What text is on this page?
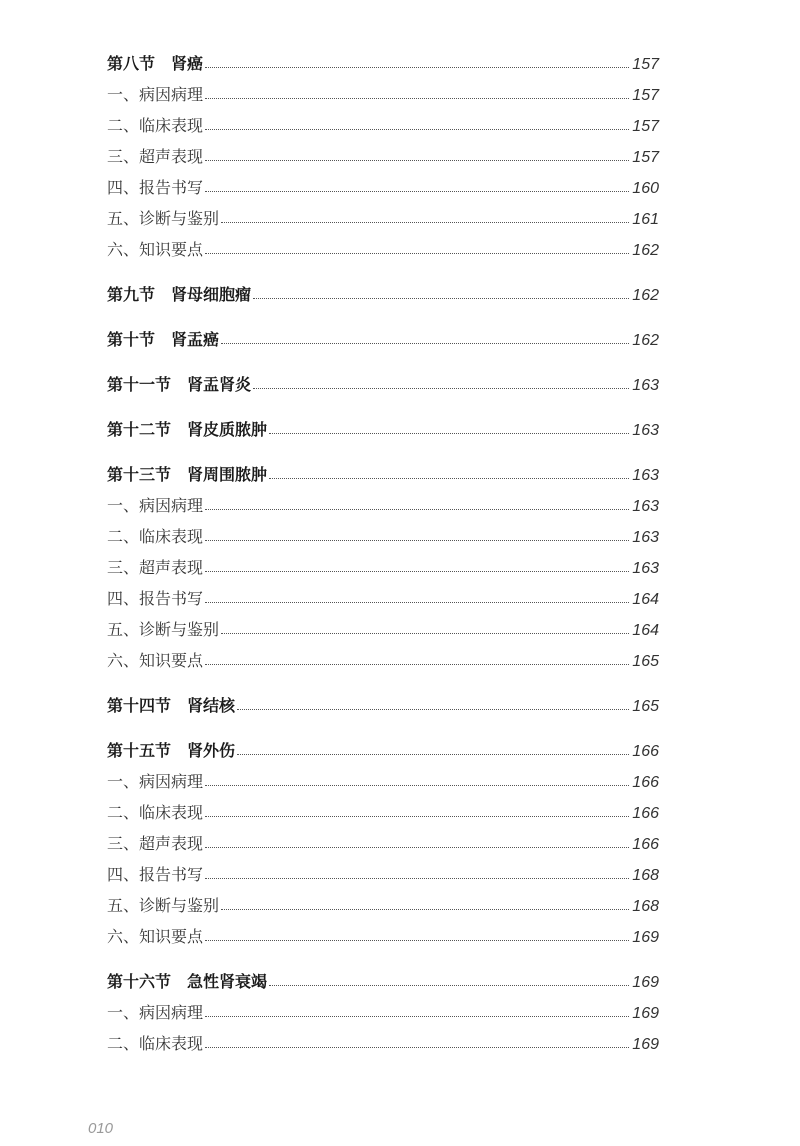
第八节　肾癌	157
一、病因病理	157
二、临床表现	157
三、超声表现	157
四、报告书写	160
五、诊断与鉴别	161
六、知识要点	162
第九节　肾母细胞瘤	162
第十节　肾盂癌	162
第十一节　肾盂肾炎	163
第十二节　肾皮质脓肿	163
第十三节　肾周围脓肿	163
一、病因病理	163
二、临床表现	163
三、超声表现	163
四、报告书写	164
五、诊断与鉴别	164
六、知识要点	165
第十四节　肾结核	165
第十五节　肾外伤	166
一、病因病理	166
二、临床表现	166
三、超声表现	166
四、报告书写	168
五、诊断与鉴别	168
六、知识要点	169
第十六节　急性肾衰竭	169
一、病因病理	169
二、临床表现	169
010
